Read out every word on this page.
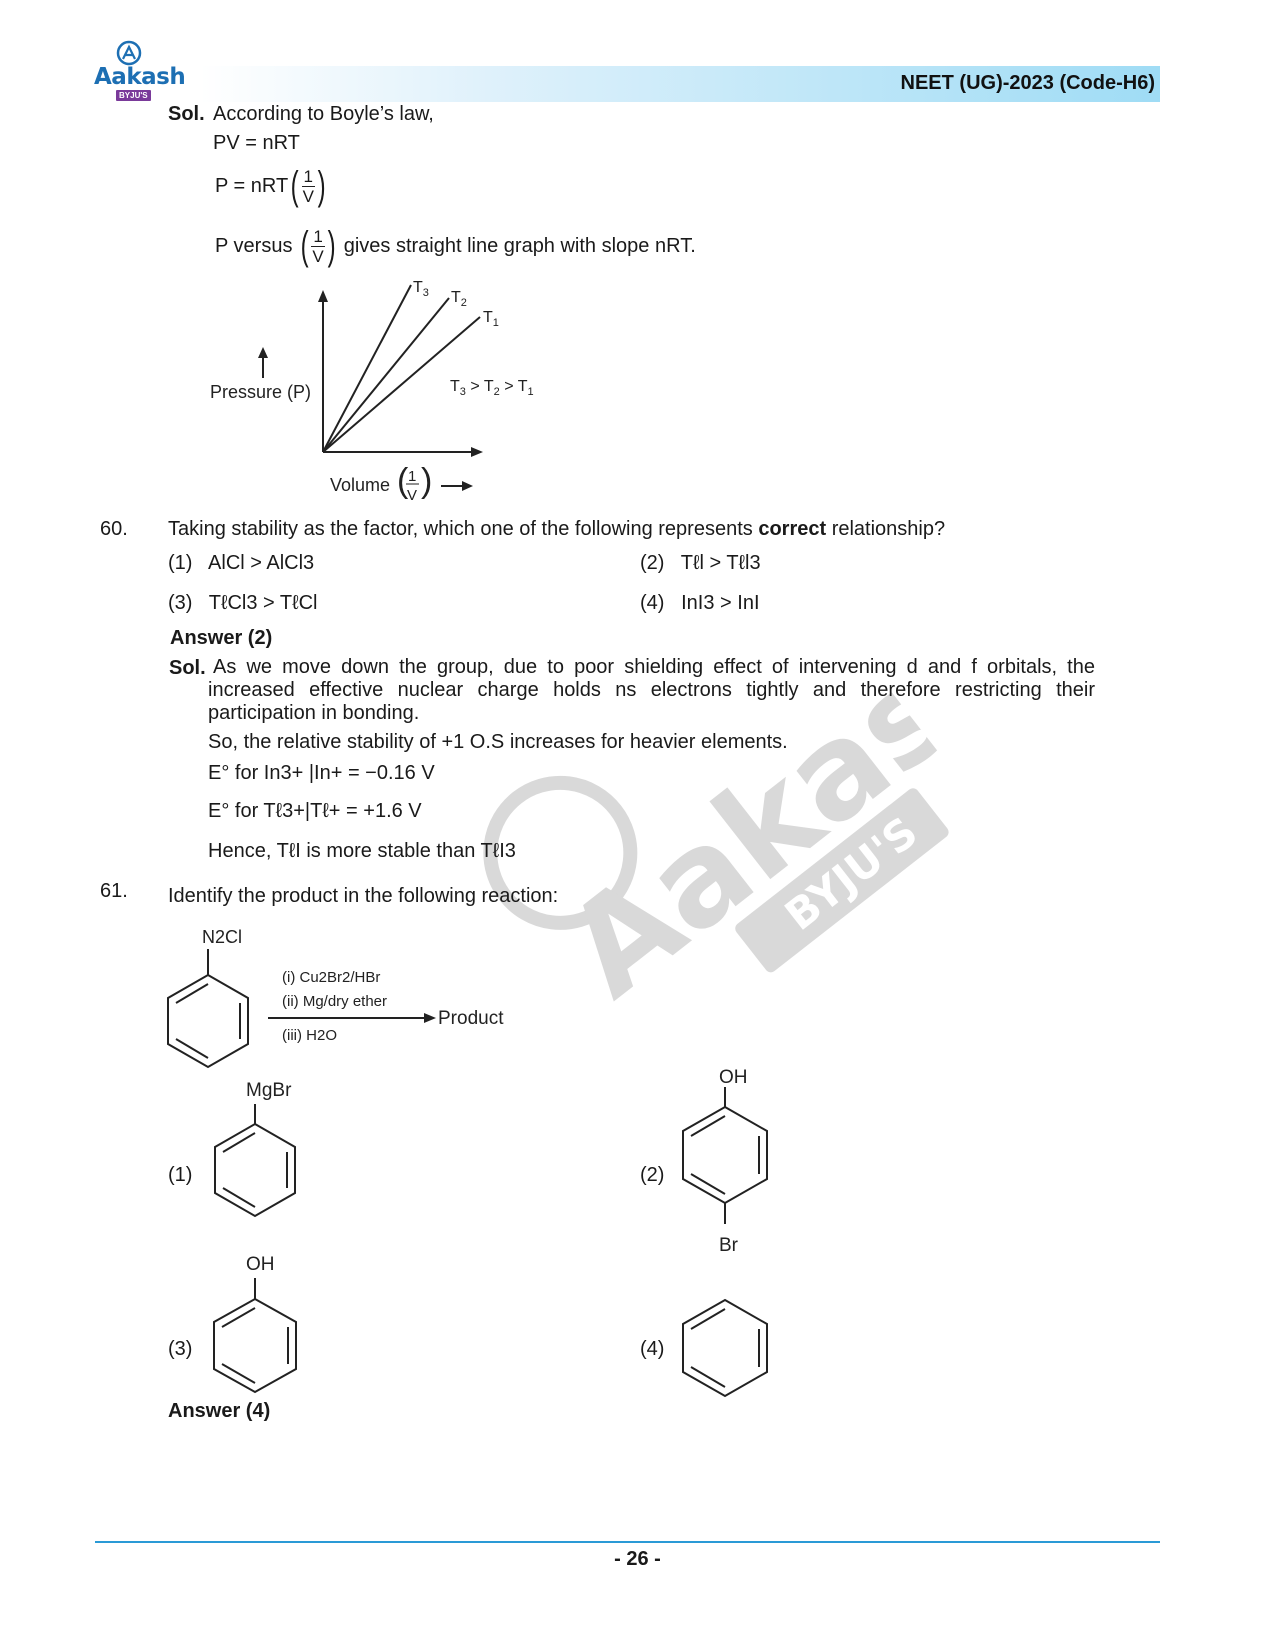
Aakash
BYJU'S
NEET (UG)-2023 (Code-H6)
Aakash
BYJU'S
Sol. According to Boyle’s law,
PV = nRT
P = nRT ( $\frac{1}{V}$ )
P versus
( $\frac{1}{V}$ )
gives straight line graph with slope nRT.
$T_3$ $T_2$
$T_1$
$T_3 > T_2 > T_1$
Pressure (P)
Volume ( 1
V )
60. Taking stability as the factor, which one of the following represents correct relationship?
(1) AlCl > AlCl3	(2) Tℓl > Tℓl3
(3) TℓCl3 > TℓCl	(4) InI3 > InI
Answer (2)
Sol. As we move down the group, due to poor shielding effect of intervening d and f orbitals, the increased effective nuclear charge holds ns electrons tightly and therefore restricting their participation in bonding.
So, the relative stability of +1 O.S increases for heavier elements.
E° for In3+ |In+ = −0.16 V
E° for Tℓ3+|Tℓ+ = +1.6 V
Hence, TℓI is more stable than TℓI3
61. Identify the product in the following reaction:
N2Cl
(i) Cu2Br2/HBr
(ii) Mg/dry ether
(iii) H2O
Product
(1)
MgBr
(2)
OH
Br
(3)
OH
(4)
Answer (4)
- 26 -
